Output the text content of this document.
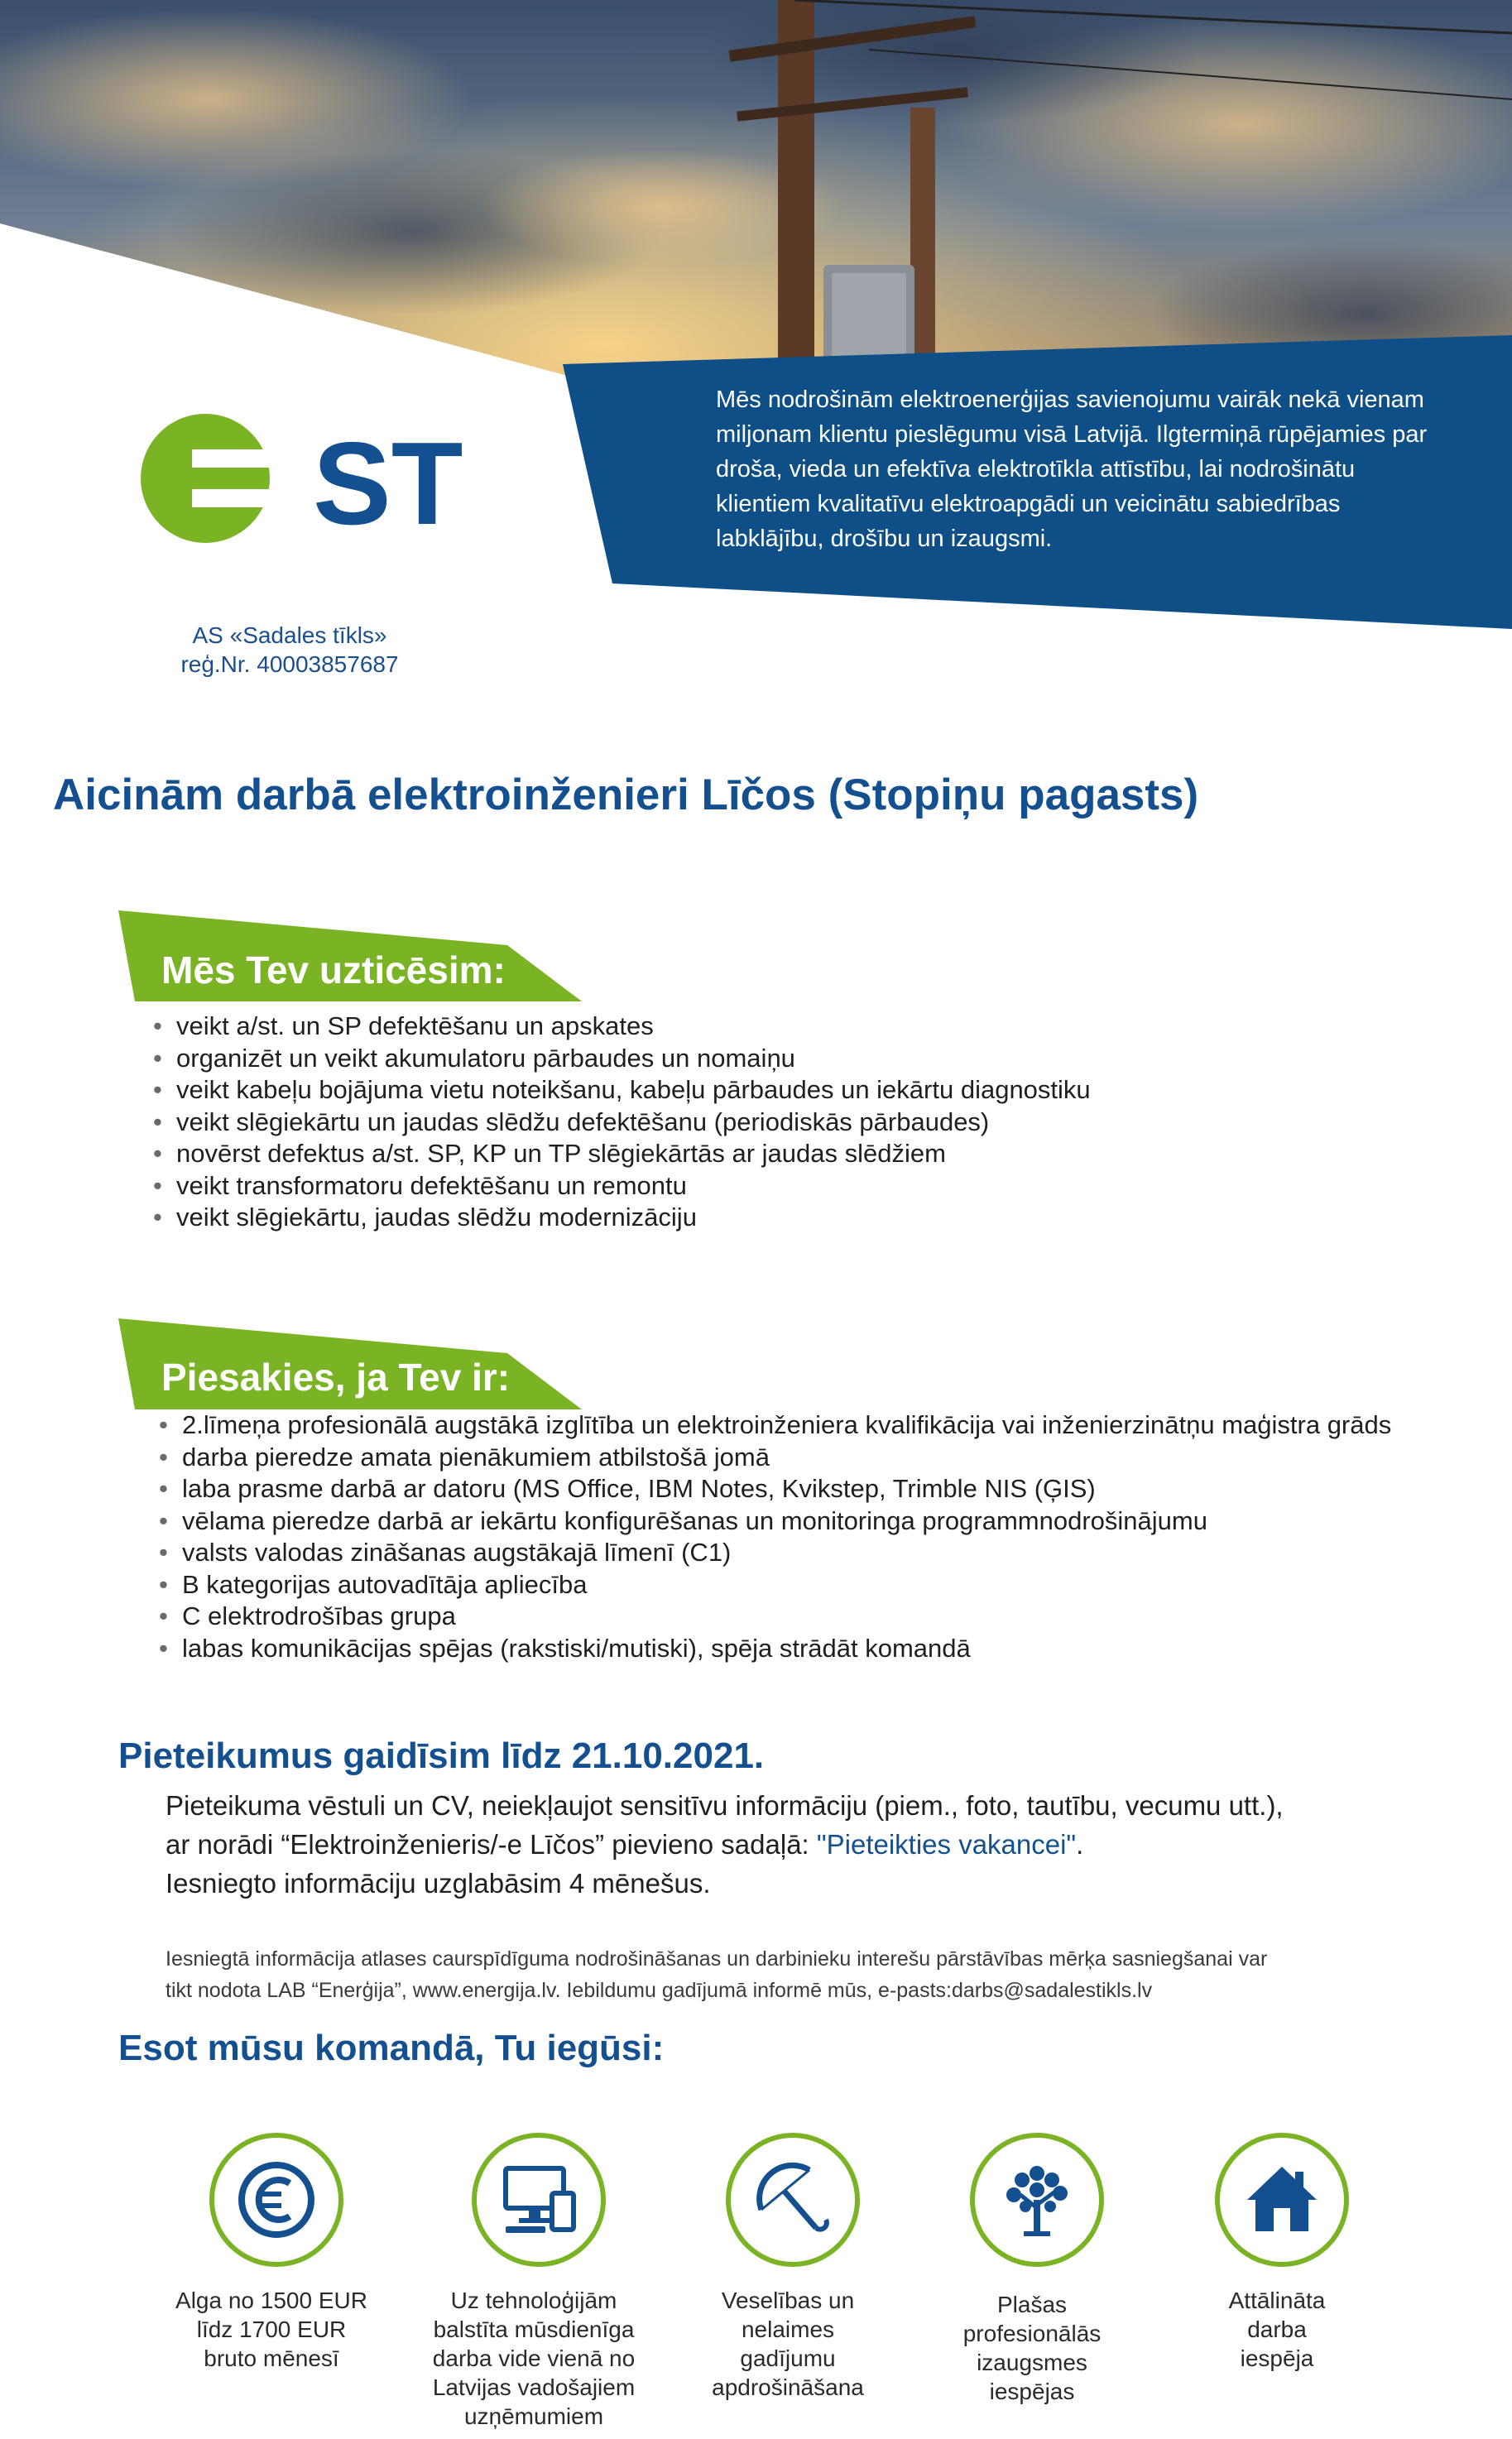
Mēs nodrošinām elektroenerģijas savienojumu vairāk nekā vienam
miljonam klientu pieslēgumu visā Latvijā. Ilgtermiņā rūpējamies par
droša, vieda un efektīva elektrotīkla attīstību, lai nodrošinātu
klientiem kvalitatīvu elektroapgādi un veicinātu sabiedrības
labklājību, drošību un izaugsmi.
ST
AS «Sadales tīkls»
reģ.Nr. 40003857687
Aicinām darbā elektroinženieri Līčos (Stopiņu pagasts)
Mēs Tev uzticēsim:
• veikt a/st. un SP defektēšanu un apskates
• organizēt un veikt akumulatoru pārbaudes un nomaiņu
• veikt kabeļu bojājuma vietu noteikšanu, kabeļu pārbaudes un iekārtu diagnostiku
• veikt slēgiekārtu un jaudas slēdžu defektēšanu (periodiskās pārbaudes)
• novērst defektus a/st. SP, KP un TP slēgiekārtās ar jaudas slēdžiem
• veikt transformatoru defektēšanu un remontu
• veikt slēgiekārtu, jaudas slēdžu modernizāciju
Piesakies, ja Tev ir:
• 2.līmeņa profesionālā augstākā izglītība un elektroinženiera kvalifikācija vai inženierzinātņu maģistra grāds
• darba pieredze amata pienākumiem atbilstošā jomā
• laba prasme darbā ar datoru (MS Office, IBM Notes, Kvikstep, Trimble NIS (ĢIS)
• vēlama pieredze darbā ar iekārtu konfigurēšanas un monitoringa programmnodrošinājumu
• valsts valodas zināšanas augstākajā līmenī (C1)
• B kategorijas autovadītāja apliecība
• C elektrodrošības grupa
• labas komunikācijas spējas (rakstiski/mutiski), spēja strādāt komandā
Pieteikumus gaidīsim līdz 21.10.2021.
Pieteikuma vēstuli un CV, neiekļaujot sensitīvu informāciju (piem., foto, tautību, vecumu utt.),
ar norādi “Elektroinženieris/-e Līčos” pievieno sadaļā: "Pieteikties vakancei".
Iesniegto informāciju uzglabāsim 4 mēnešus.
Iesniegtā informācija atlases caurspīdīguma nodrošināšanas un darbinieku interešu pārstāvības mērķa sasniegšanai var
tikt nodota LAB “Enerģija”, www.energija.lv. Iebildumu gadījumā informē mūs, e-pasts:darbs@sadalestikls.lv
Esot mūsu komandā, Tu iegūsi:
Alga no 1500 EUR
līdz 1700 EUR
bruto mēnesī
Uz tehnoloģijām
balstīta mūsdienīga
darba vide vienā no
Latvijas vadošajiem
uzņēmumiem
Veselības un
nelaimes
gadījumu
apdrošināšana
Plašas
profesionālās
izaugsmes
iespējas
Attālināta
darba
iespēja
